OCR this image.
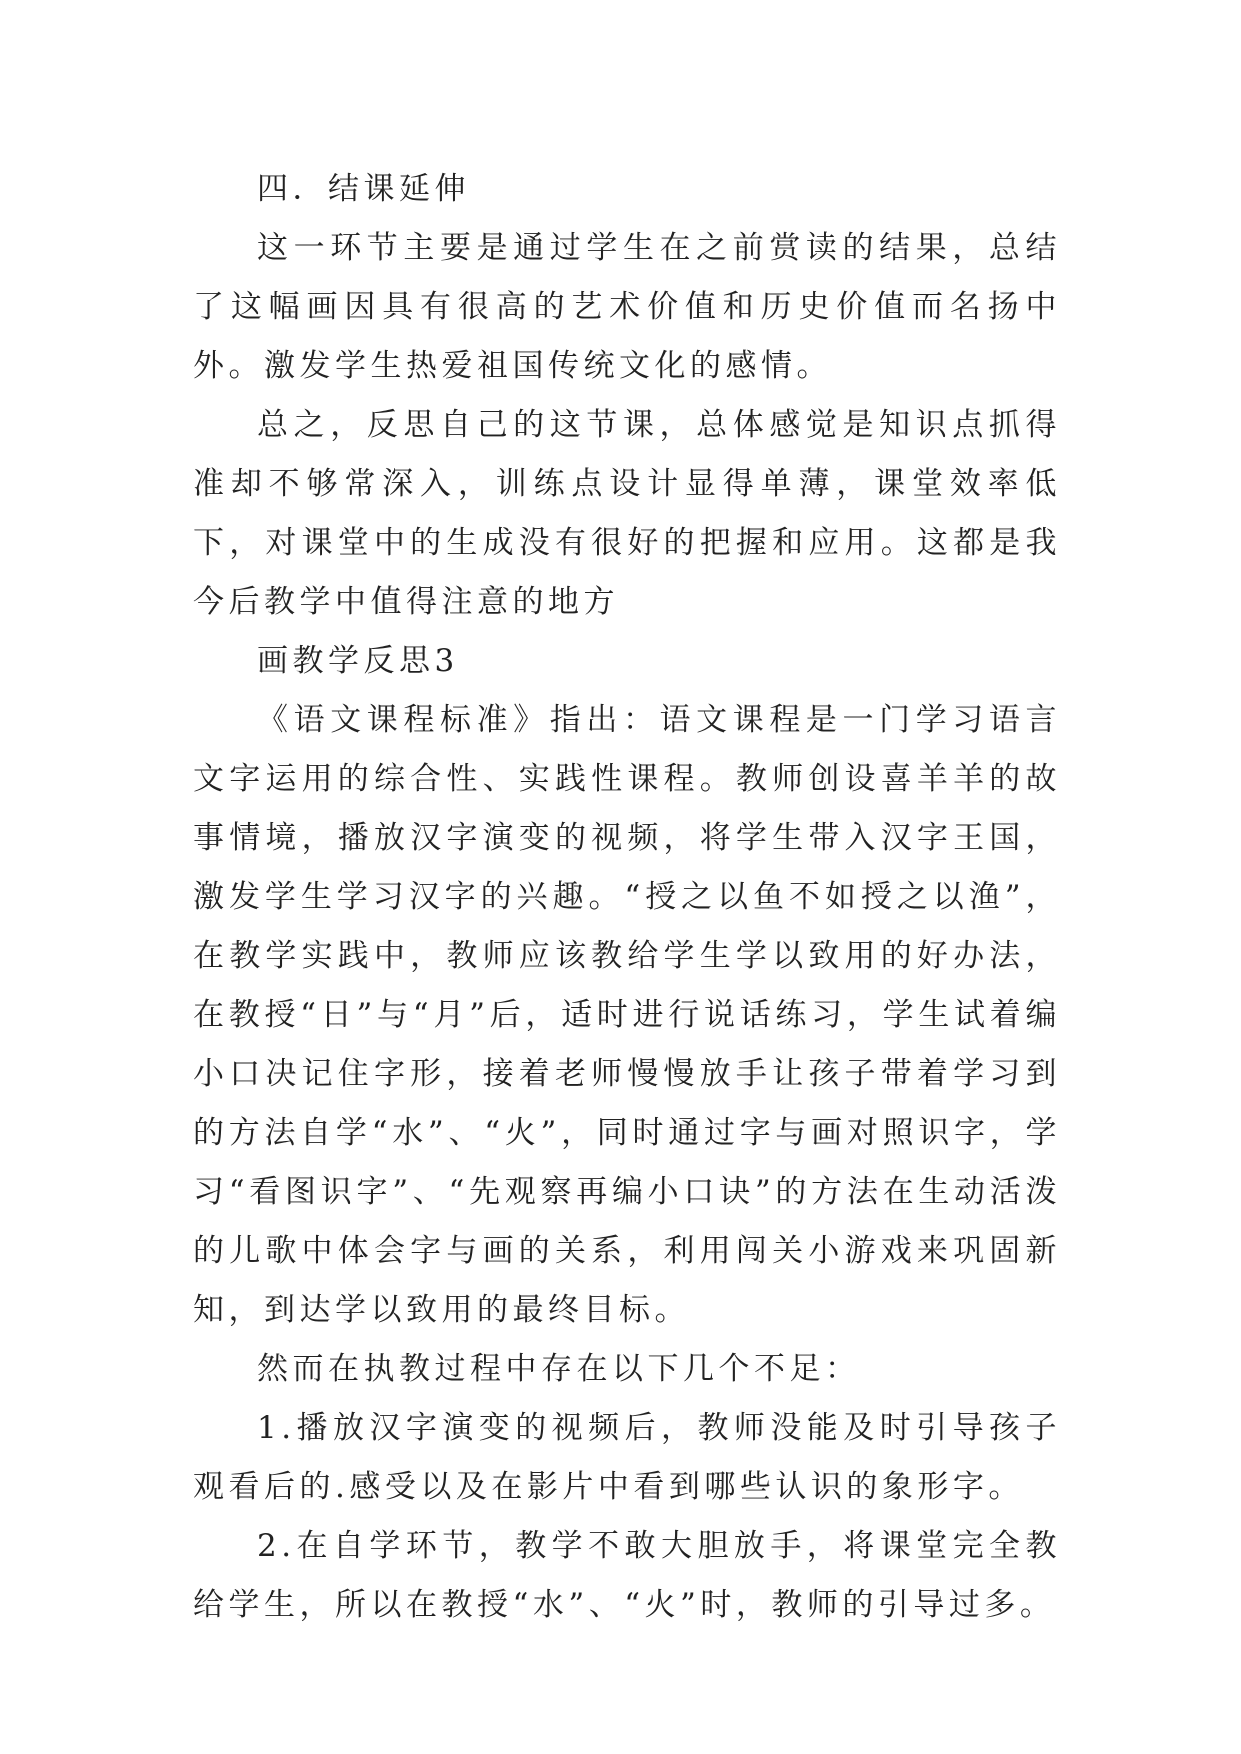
四．结课延伸

这一环节主要是通过学生在之前赏读的结果，总结了这幅画因具有很高的艺术价值和历史价值而名扬中外。激发学生热爱祖国传统文化的感情。

总之，反思自己的这节课，总体感觉是知识点抓得准却不够常深入，训练点设计显得单薄，课堂效率低下，对课堂中的生成没有很好的把握和应用。这都是我今后教学中值得注意的地方

画教学反思3

《语文课程标准》指出：语文课程是一门学习语言文字运用的综合性、实践性课程。教师创设喜羊羊的故事情境，播放汉字演变的视频，将学生带入汉字王国，激发学生学习汉字的兴趣。“授之以鱼不如授之以渔”，在教学实践中，教师应该教给学生学以致用的好办法，在教授“日”与“月”后，适时进行说话练习，学生试着编小口决记住字形，接着老师慢慢放手让孩子带着学习到的方法自学“水”、“火”，同时通过字与画对照识字，学习“看图识字”、“先观察再编小口诀”的方法在生动活泼的儿歌中体会字与画的关系，利用闯关小游戏来巩固新知，到达学以致用的最终目标。

然而在执教过程中存在以下几个不足：

1.播放汉字演变的视频后，教师没能及时引导孩子观看后的.感受以及在影片中看到哪些认识的象形字。

2.在自学环节，教学不敢大胆放手，将课堂完全教给学生，所以在教授“水”、“火”时，教师的引导过多。
